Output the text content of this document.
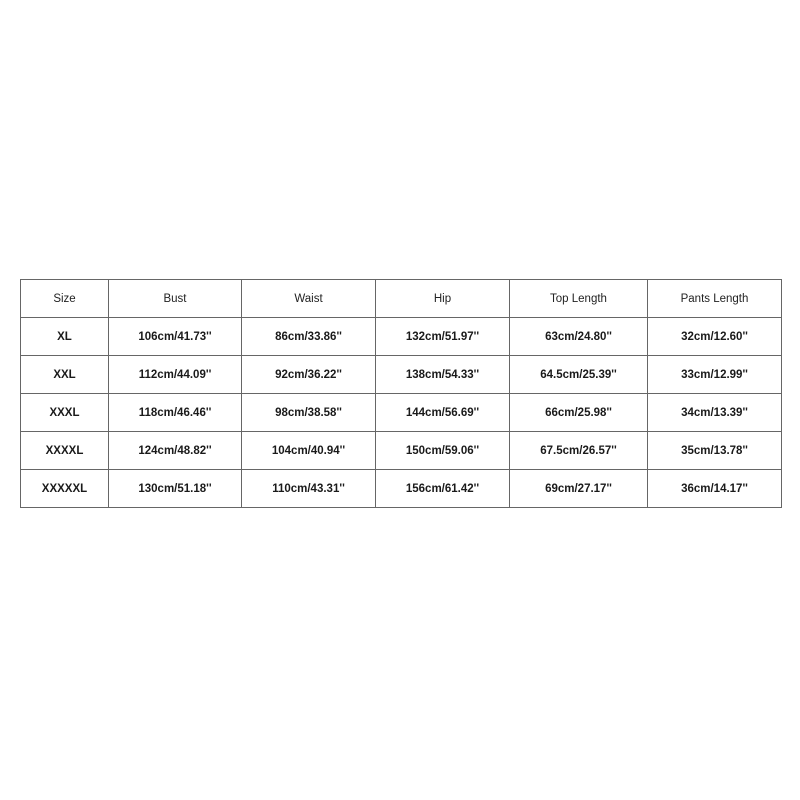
Size	Bust	Waist	Hip	Top Length	Pants Length
XL	106cm/41.73''	86cm/33.86''	132cm/51.97''	63cm/24.80''	32cm/12.60''
XXL	112cm/44.09''	92cm/36.22''	138cm/54.33''	64.5cm/25.39''	33cm/12.99''
XXXL	118cm/46.46''	98cm/38.58''	144cm/56.69''	66cm/25.98''	34cm/13.39''
XXXXL	124cm/48.82''	104cm/40.94''	150cm/59.06''	67.5cm/26.57''	35cm/13.78''
XXXXXL	130cm/51.18''	110cm/43.31''	156cm/61.42''	69cm/27.17''	36cm/14.17''
